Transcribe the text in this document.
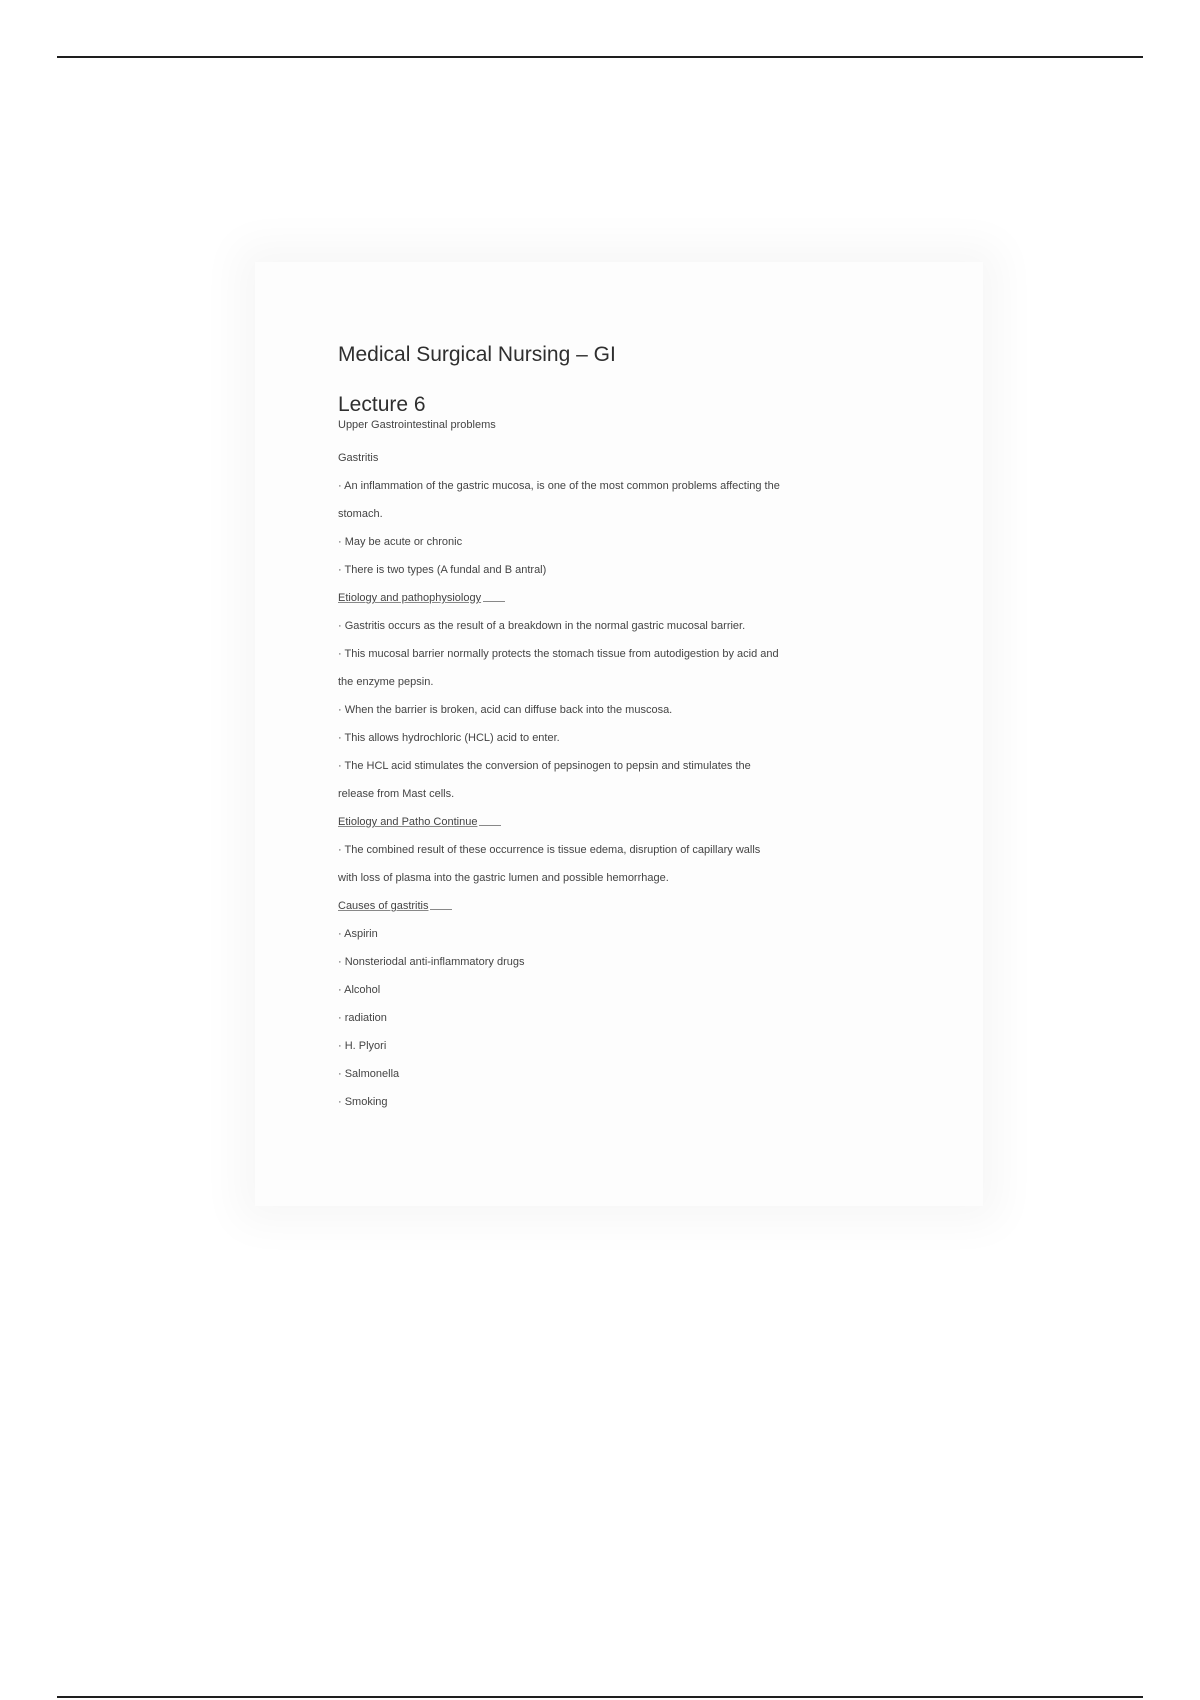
Medical Surgical Nursing – GI
Lecture 6

Upper Gastrointestinal problems

Gastritis

· An inflammation of the gastric mucosa, is one of the most common problems affecting the

stomach.

· May be acute or chronic

· There is two types (A fundal and B antral)

Etiology and pathophysiology

· Gastritis occurs as the result of a breakdown in the normal gastric mucosal barrier.

· This mucosal barrier normally protects the stomach tissue from autodigestion by acid and

the enzyme pepsin.

· When the barrier is broken, acid can diffuse back into the muscosa.

· This allows hydrochloric (HCL) acid to enter.

· The HCL acid stimulates the conversion of pepsinogen to pepsin and stimulates the

release from Mast cells.

Etiology and Patho Continue

· The combined result of these occurrence is tissue edema, disruption of capillary walls

with loss of plasma into the gastric lumen and possible hemorrhage.

Causes of gastritis

· Aspirin

· Nonsteriodal anti-inflammatory drugs

· Alcohol

· radiation

· H. Plyori

· Salmonella

· Smoking
